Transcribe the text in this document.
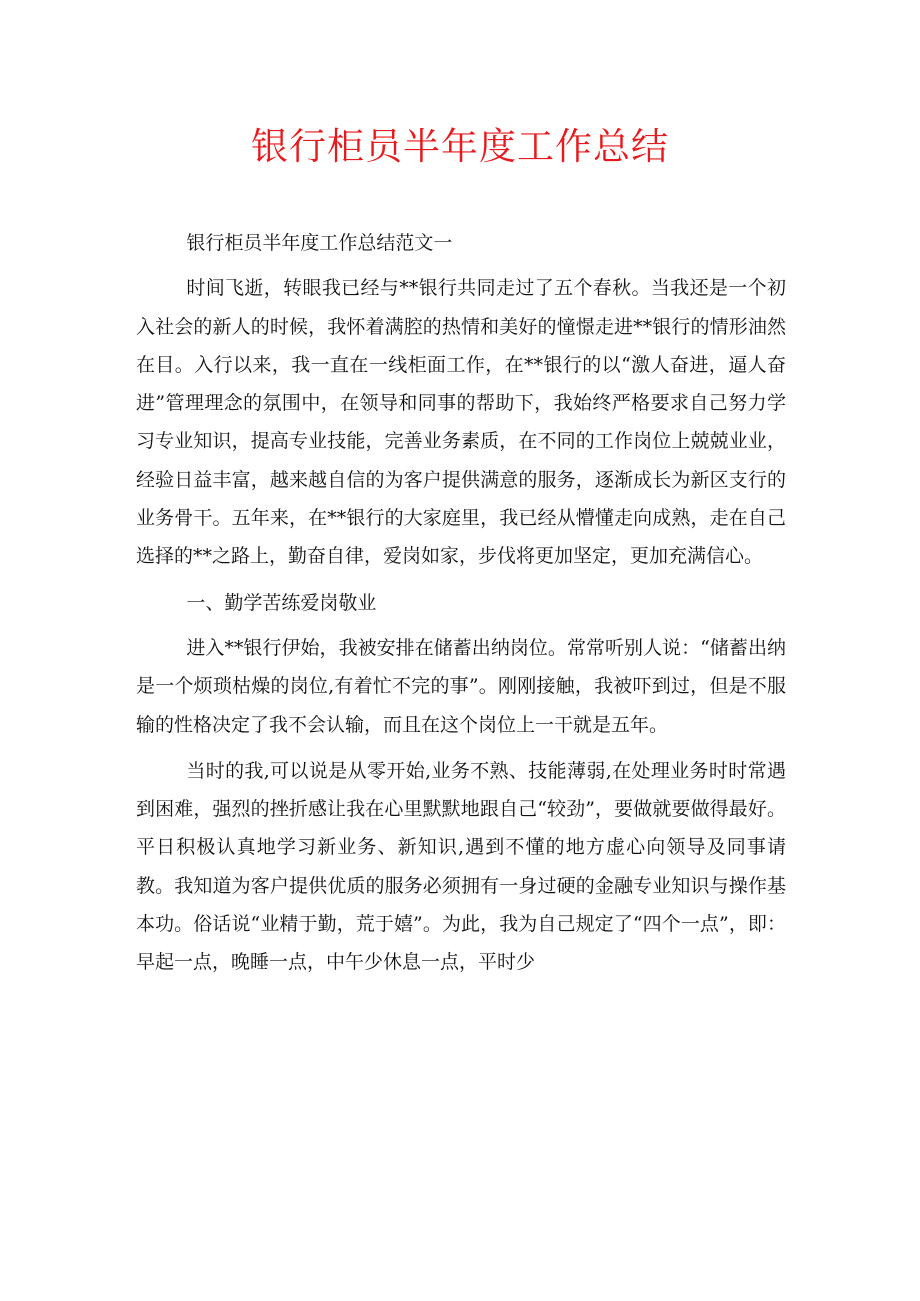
银行柜员半年度工作总结

银行柜员半年度工作总结范文一

时间飞逝，转眼我已经与**银行共同走过了五个春秋。当我还是一个初入社会的新人的时候，我怀着满腔的热情和美好的憧憬走进**银行的情形油然在目。入行以来，我一直在一线柜面工作，在**银行的以“激人奋进，逼人奋进”管理理念的氛围中，在领导和同事的帮助下，我始终严格要求自己努力学习专业知识，提高专业技能，完善业务素质，在不同的工作岗位上兢兢业业，经验日益丰富，越来越自信的为客户提供满意的服务，逐渐成长为新区支行的业务骨干。五年来，在**银行的大家庭里，我已经从懵懂走向成熟，走在自己选择的**之路上，勤奋自律，爱岗如家，步伐将更加坚定，更加充满信心。

一、勤学苦练爱岗敬业

进入**银行伊始，我被安排在储蓄出纳岗位。常常听别人说：“储蓄出纳是一个烦琐枯燥的岗位,有着忙不完的事”。刚刚接触，我被吓到过，但是不服输的性格决定了我不会认输，而且在这个岗位上一干就是五年。

当时的我,可以说是从零开始,业务不熟、技能薄弱,在处理业务时时常遇到困难，强烈的挫折感让我在心里默默地跟自己“较劲”，要做就要做得最好。平日积极认真地学习新业务、新知识,遇到不懂的地方虚心向领导及同事请教。我知道为客户提供优质的服务必须拥有一身过硬的金融专业知识与操作基本功。俗话说“业精于勤，荒于嬉”。为此，我为自己规定了“四个一点”，即：早起一点，晚睡一点，中午少休息一点，平时少
